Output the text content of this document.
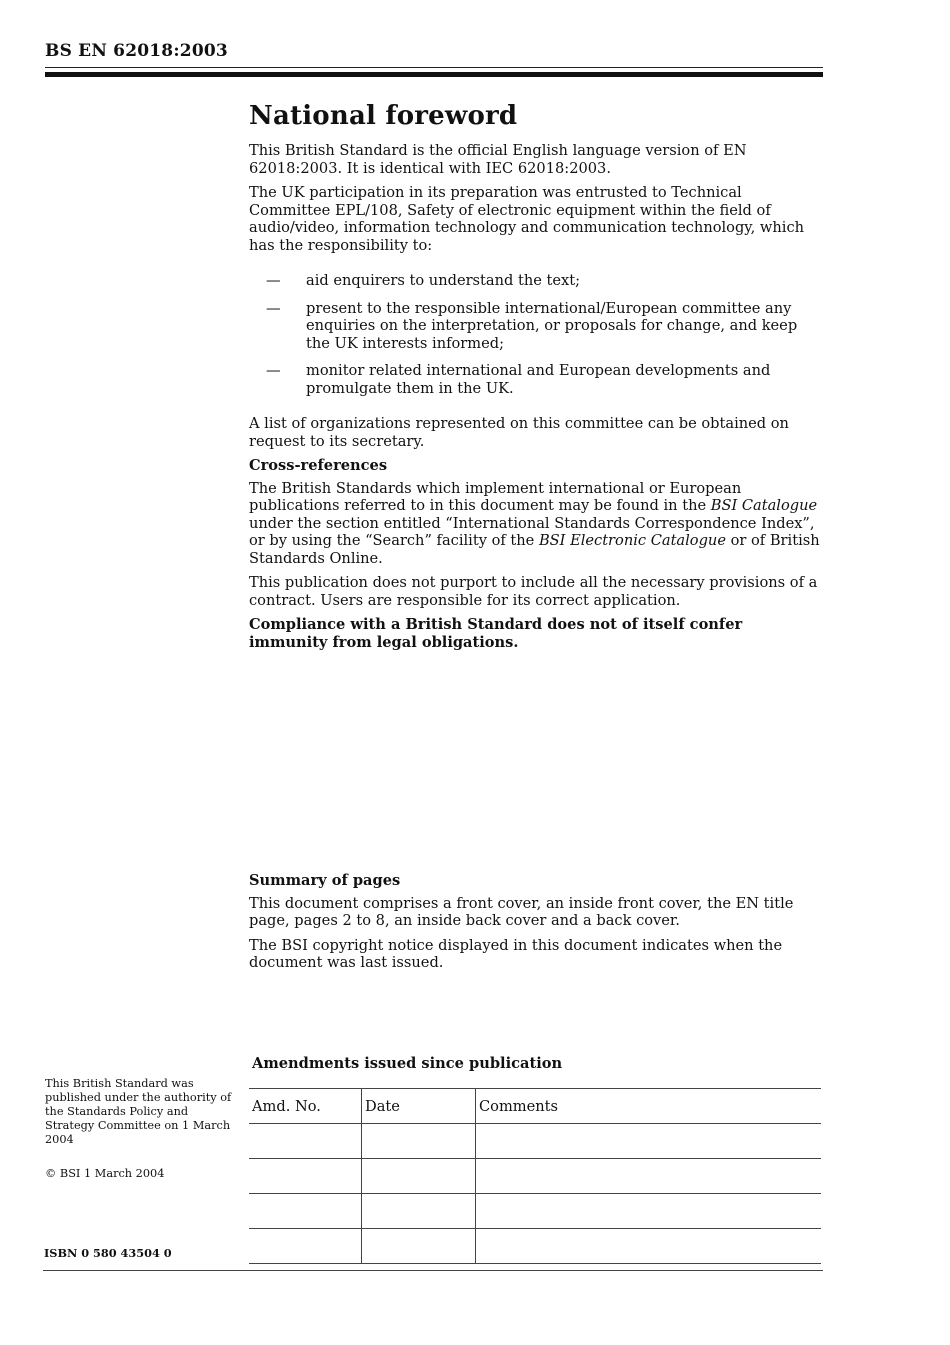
BS EN 62018:2003
National foreword

This British Standard is the official English language version of EN 62018:2003. It is identical with IEC 62018:2003.

The UK participation in its preparation was entrusted to Technical Committee EPL/108, Safety of electronic equipment within the field of audio/video, information technology and communication technology, which has the responsibility to:

—	aid enquirers to understand the text;
—	present to the responsible international/European committee any enquiries on the interpretation, or proposals for change, and keep the UK interests informed;
—	monitor related international and European developments and promulgate them in the UK.

A list of organizations represented on this committee can be obtained on request to its secretary.

Cross-references

The British Standards which implement international or European publications referred to in this document may be found in the BSI Catalogue under the section entitled “International Standards Correspondence Index”, or by using the “Search” facility of the BSI Electronic Catalogue or of British Standards Online.

This publication does not purport to include all the necessary provisions of a contract. Users are responsible for its correct application.

Compliance with a British Standard does not of itself confer immunity from legal obligations.

Summary of pages

This document comprises a front cover, an inside front cover, the EN title page, pages 2 to 8, an inside back cover and a back cover.

The BSI copyright notice displayed in this document indicates when the document was last issued.

Amendments issued since publication
Amd. No.	Date	Comments

This British Standard was published under the authority of the Standards Policy and Strategy Committee on 1 March 2004

© BSI 1 March 2004

ISBN 0 580 43504 0
